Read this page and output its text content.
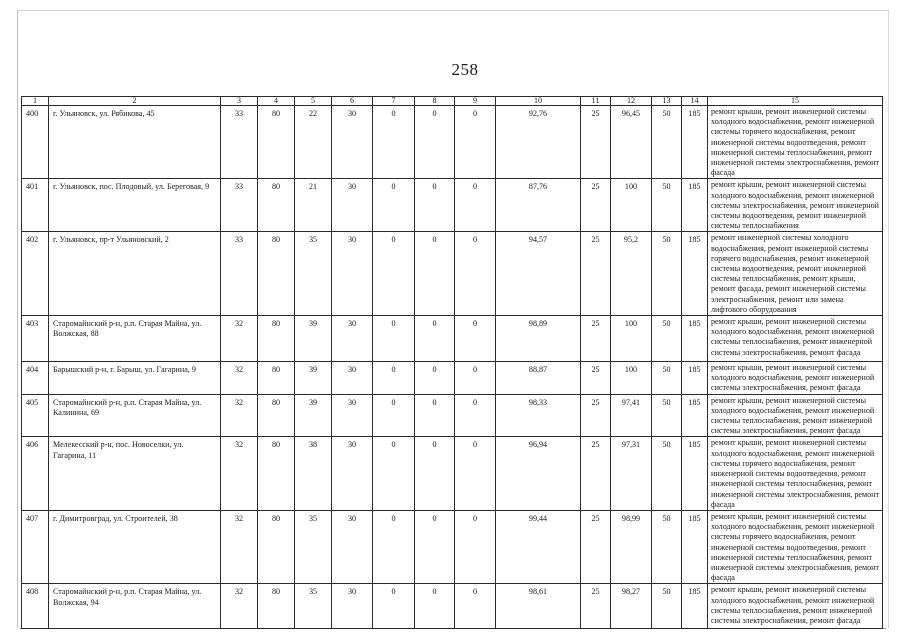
258
1	2	3	4	5	6	7	8	9	10	11	12	13	14	15
400	г. Ульяновск, ул. Рябикова, 45	33	80	22	30	0	0	0	92,76	25	96,45	50	185	ремонт крыши, ремонт инженерной системы холодного водоснабжения, ремонт инженерной системы горячего водоснабжения, ремонт инженерной системы водоотведения, ремонт инженерной системы теплоснабжения, ремонт инженерной системы электроснабжения, ремонт фасада
401	г. Ульяновск, пос. Плодовый, ул. Береговая, 9	33	80	21	30	0	0	0	87,76	25	100	50	185	ремонт крыши, ремонт инженерной системы холодного водоснабжения, ремонт инженерной системы электроснабжения, ремонт инженерной системы водоотведения, ремонт инженерной системы теплоснабжения
402	г. Ульяновск, пр-т Ульяновский, 2	33	80	35	30	0	0	0	94,57	25	95,2	50	185	ремонт инженерной системы холодного водоснабжения, ремонт инженерной системы горячего водоснабжения, ремонт инженерной системы водоотведения, ремонт инженерной системы теплоснабжения, ремонт крыши, ремонт фасада, ремонт инженерной системы электроснабжения, ремонт или замена лифтового оборудования
403	Старомайнский р-н, р.п. Старая Майна, ул. Волжская, 88	32	80	39	30	0	0	0	98,89	25	100	50	185	ремонт крыши, ремонт инженерной системы холодного водоснабжения, ремонт инженерной системы теплоснабжения, ремонт инженерной системы электроснабжения, ремонт фасада
404	Барышский р-н, г. Барыш, ул. Гагарина, 9	32	80	39	30	0	0	0	88,87	25	100	50	185	ремонт крыши, ремонт инженерной системы холодного водоснабжения, ремонт инженерной системы электроснабжения, ремонт фасада
405	Старомайнский р-н, р.п. Старая Майна, ул. Калинина, 69	32	80	39	30	0	0	0	98,33	25	97,41	50	185	ремонт крыши, ремонт инженерной системы холодного водоснабжения, ремонт инженерной системы теплоснабжения, ремонт инженерной системы электроснабжения, ремонт фасада
406	Мелекесский р-н, пос. Новоселки, ул. Гагарина, 11	32	80	38	30	0	0	0	96,94	25	97,31	50	185	ремонт крыши, ремонт инженерной системы холодного водоснабжения, ремонт инженерной системы горячего водоснабжения, ремонт инженерной системы водоотведения, ремонт инженерной системы теплоснабжения, ремонт инженерной системы электроснабжения, ремонт фасада
407	г. Димитровград, ул. Строителей, 38	32	80	35	30	0	0	0	99,44	25	98,99	50	185	ремонт крыши, ремонт инженерной системы холодного водоснабжения, ремонт инженерной системы горячего водоснабжения, ремонт инженерной системы водоотведения, ремонт инженерной системы теплоснабжения, ремонт инженерной системы электроснабжения, ремонт фасада
408	Старомайнский р-н, р.п. Старая Майна, ул. Волжская, 94	32	80	35	30	0	0	0	98,61	25	98,27	50	185	ремонт крыши, ремонт инженерной системы холодного водоснабжения, ремонт инженерной системы теплоснабжения, ремонт инженерной системы электроснабжения, ремонт фасада
